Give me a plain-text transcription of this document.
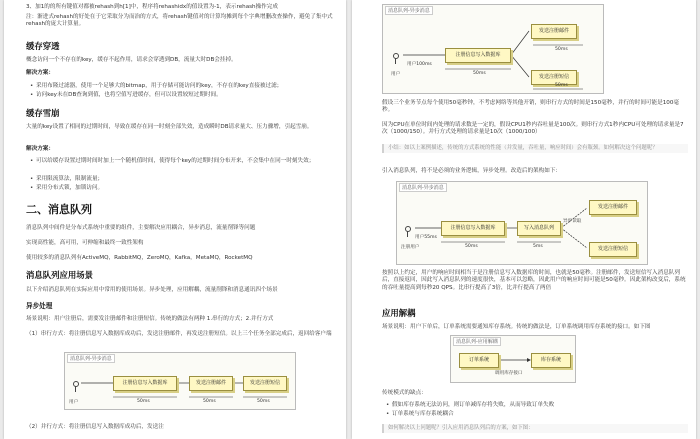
3、加1的的所有键值对都被rehash到h[1]中，程序将rehashidx的值设置为-1，表示rehash操作完成
注：渐进式rehash的好处在于它采取分为而治的方式，将rehash键值对的计算均摊到每个字典增删改查操作，避免了集中式rehash的庞大计算量。
缓存穿透
概念访问一个不存在的key，缓存不起作用，请求会穿透到DB，流量大时DB会挂掉。
解决方案：
• 采用布隆过滤器，使用一个足够大的bitmap，用于存储可能访问的key，不存在的key直接被过滤；
• 访问key未在DB查询到值，也将空值写进缓存，但可以设置较短过期时间。
缓存雪崩
大量的key设置了相同的过期时间，导致在缓存在同一时刻全部失效，造成瞬时DB请求量大、压力骤增，引起雪崩。
解决方案：
• 可以给缓存设置过期时间时加上一个随机值时间，使得每个key的过期时间分布开来，不会集中在同一时刻失效；
• 采用限流算法，限制流量；
• 采用分布式锁，加锁访问。
二、消息队列
消息队列中间件是分布式系统中重要的组件，主要解决应用耦合，异步消息，流量削锋等问题
实现高性能，高可用，可伸缩和最终一致性架构
使用较多的消息队列有ActiveMQ，RabbitMQ，ZeroMQ，Kafka，MetaMQ，RocketMQ
消息队列应用场景
以下介绍消息队列在实际应用中常用的使用场景。异步处理，应用解耦，流量削锋和消息通讯四个场景
异步处理
场景说明：用户注册后，需要发注册邮件和注册短信。传统的做法有两种 1.串行的方式；2.并行方式
（1）串行方式：将注册信息写入数据库成功后，发送注册邮件，再发送注册短信。以上三个任务全部完成后，返回给客户端
消息队列-异步消息
用户
注册信息写入数据库	发送注册邮件	发送注册短信
50ms	50ms	50ms
（2）并行方式：将注册信息写入数据库成功后，发送注
消息队列-异步消息
用户
用户100ms
注册信息写入数据库
发送注册邮件
发送注册短信
50ms
50ms
50ms
假设三个业务节点每个使用50毫秒钟，不考虑网络等其他开销，则串行方式的时间是150毫秒，并行的时间可能是100毫秒。
因为CPU在单位时间内处理的请求数是一定的，假设CPU1秒内吞吐量是100次。则串行方式1秒内CPU可处理的请求量是7次（1000/150）。并行方式处理的请求量是10次（1000/100）
小结：如以上案例描述，传统的方式系统的性能（并发量，吞吐量，响应时间）会有瓶颈。如何解决这个问题呢？
引入消息队列，将不是必须的业务逻辑，异步处理。改造后的架构如下：
消息队列-异步消息
注册用户
用户55ms
注册信息写入数据库	写入消息队列
发送注册邮件
发送注册短信
50ms	5ms
异步读取
按照以上约定，用户的响应时间相当于是注册信息写入数据库的时间，也就是50毫秒。注册邮件，发送短信写入消息队列后，直接返回，因此写入消息队列的速度很快，基本可以忽略，因此用户的响应时间可能是50毫秒。因此架构改变后，系统的吞吐量提高到每秒20 QPS。比串行提高了3倍，比并行提高了两倍
应用解耦
场景说明：用户下单后，订单系统需要通知库存系统。传统的做法是，订单系统调用库存系统的接口。如下图
消息队列-应用解耦
订单系统	库存系统
调用库存接口
传统模式的缺点：
• 假如库存系统无法访问，则订单减库存将失败，从而导致订单失败
• 订单系统与库存系统耦合
如何解决以上问题呢？引入应用消息队列后的方案，如下图：
